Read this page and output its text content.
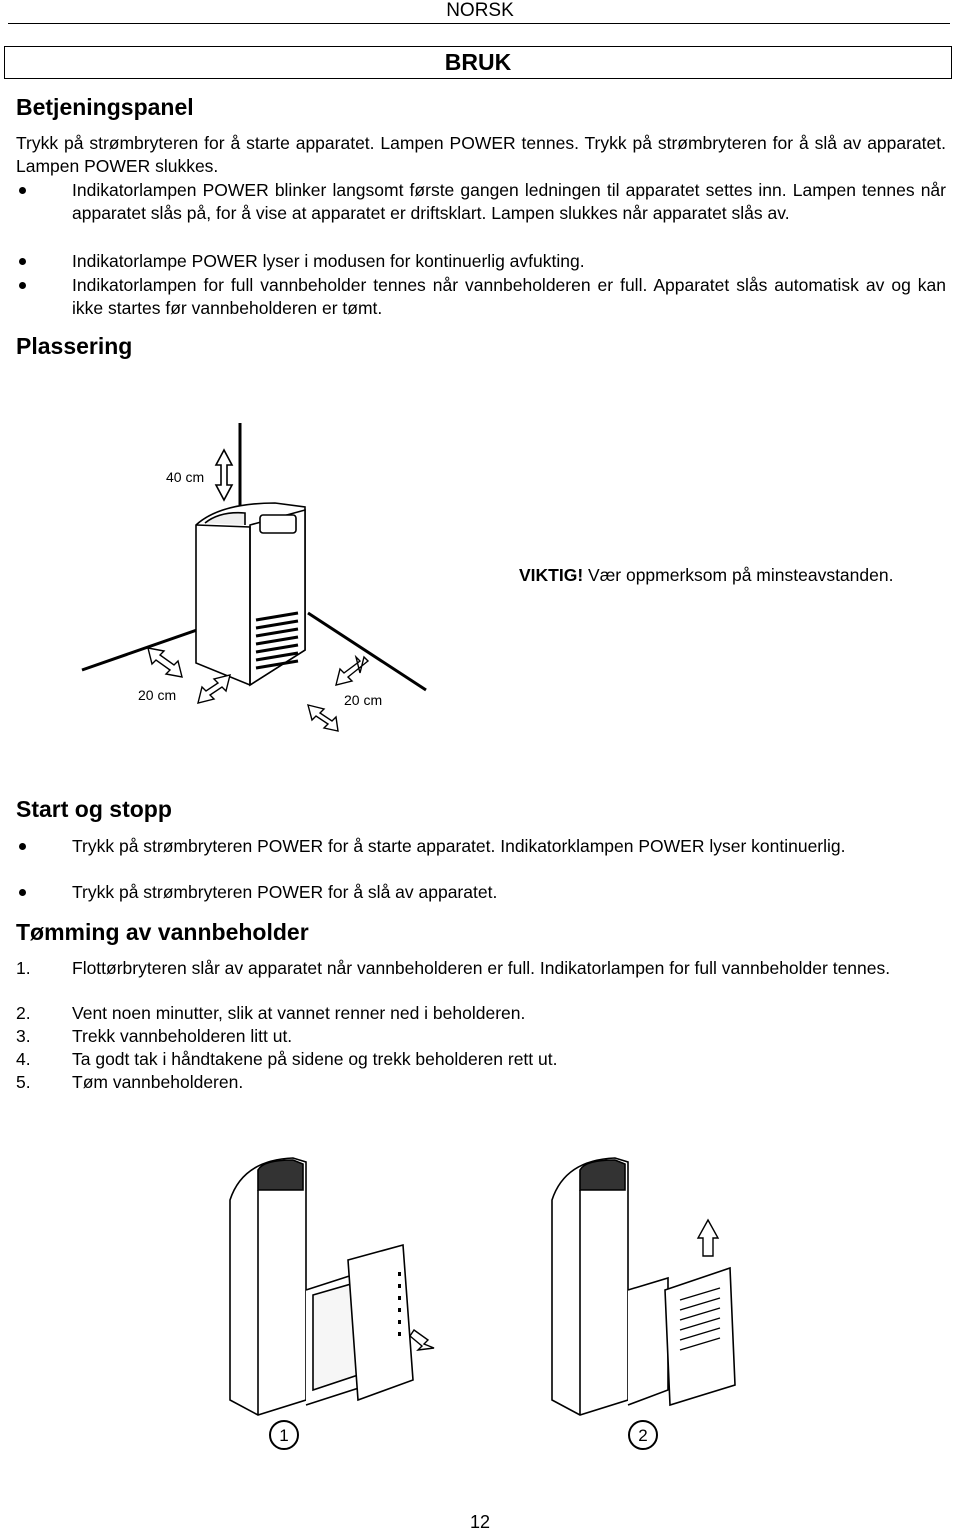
NORSK
BRUK
Betjeningspanel
Trykk på strømbryteren for å starte apparatet. Lampen POWER tennes. Trykk på strømbryteren for å slå av apparatet. Lampen POWER slukkes.
Indikatorlampen POWER blinker langsomt første gangen ledningen til apparatet settes inn. Lampen tennes når apparatet slås på, for å vise at apparatet er driftsklart. Lampen slukkes når apparatet slås av.
Indikatorlampe POWER lyser i modusen for kontinuerlig avfukting.
Indikatorlampen for full vannbeholder tennes når vannbeholderen er full. Apparatet slås automatisk av og kan ikke startes før vannbeholderen er tømt.
Plassering
40 cm
20 cm	20 cm
VIKTIG! Vær oppmerksom på minsteavstanden.
Start og stopp
Trykk på strømbryteren POWER for å starte apparatet. Indikatorklampen POWER lyser kontinuerlig.
Trykk på strømbryteren POWER for å slå av apparatet.
Tømming av vannbeholder
1. Flottørbryteren slår av apparatet når vannbeholderen er full. Indikatorlampen for full vannbeholder tennes.
2. Vent noen minutter, slik at vannet renner ned i beholderen.
3. Trekk vannbeholderen litt ut.
4. Ta godt tak i håndtakene på sidene og trekk beholderen rett ut.
5. Tøm vannbeholderen.
1	2
12
